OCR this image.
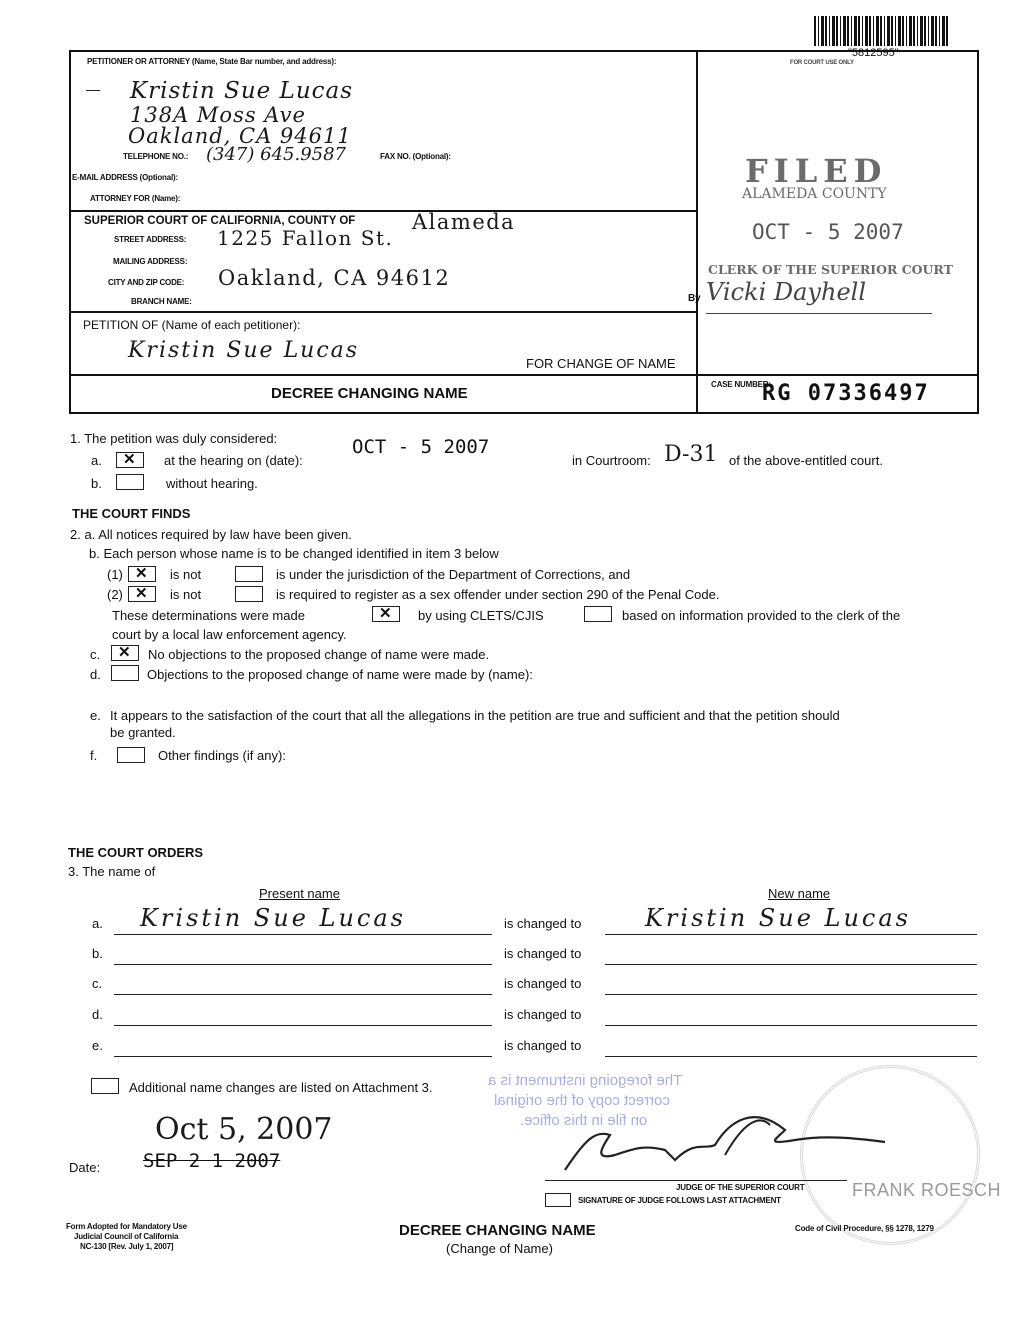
"5812595"
FOR COURT USE ONLY
PETITIONER OR ATTORNEY (Name, State Bar number, and address):
Kristin Sue Lucas
138A Moss Ave
Oakland, CA 94611
TELEPHONE NO.: (347) 645.9587	FAX NO. (Optional):
E-MAIL ADDRESS (Optional):
ATTORNEY FOR (Name):
SUPERIOR COURT OF CALIFORNIA, COUNTY OF	Alameda
STREET ADDRESS: 1225 Fallon St.
MAILING ADDRESS:
CITY AND ZIP CODE: Oakland, CA 94612
BRANCH NAME:
PETITION OF (Name of each petitioner):
Kristin Sue Lucas
FOR CHANGE OF NAME
DECREE CHANGING NAME
CASE NUMBER:
RG 07336497
FILED
ALAMEDA COUNTY
OCT - 5 2007
CLERK OF THE SUPERIOR COURT
By Vicki Dayhell
1. The petition was duly considered:
a. ✕	at the hearing on (date):
OCT - 5 2007
in Courtroom: D-31 of the above-entitled court.
b.	without hearing.
THE COURT FINDS
2. a. All notices required by law have been given.
b. Each person whose name is to be changed identified in item 3 below
(1) ✕	is not	is under the jurisdiction of the Department of Corrections, and
(2) ✕	is not	is required to register as a sex offender under section 290 of the Penal Code.
These determinations were made ✕	by using CLETS/CJIS	based on information provided to the clerk of the
court by a local law enforcement agency.
c. ✕	No objections to the proposed change of name were made.
d.	Objections to the proposed change of name were made by (name):
e. It appears to the satisfaction of the court that all the allegations in the petition are true and sufficient and that the petition should
be granted.
f.	Other findings (if any):
THE COURT ORDERS
3. The name of
Present name	New name
a. Kristin Sue Lucas	is changed to	Kristin Sue Lucas
b.	is changed to
c.	is changed to
d.	is changed to
e.	is changed to
Additional name changes are listed on Attachment 3.	The foregoing instrument is a
correct copy of the original
on file in this office.
Oct 5, 2007
Date: SEP 2 1 2007
JUDGE OF THE SUPERIOR COURT	FRANK ROESCH
SIGNATURE OF JUDGE FOLLOWS LAST ATTACHMENT
Form Adopted for Mandatory Use
Judicial Council of California
NC-130 [Rev. July 1, 2007]
DECREE CHANGING NAME
(Change of Name)
Code of Civil Procedure, §§ 1278, 1279
